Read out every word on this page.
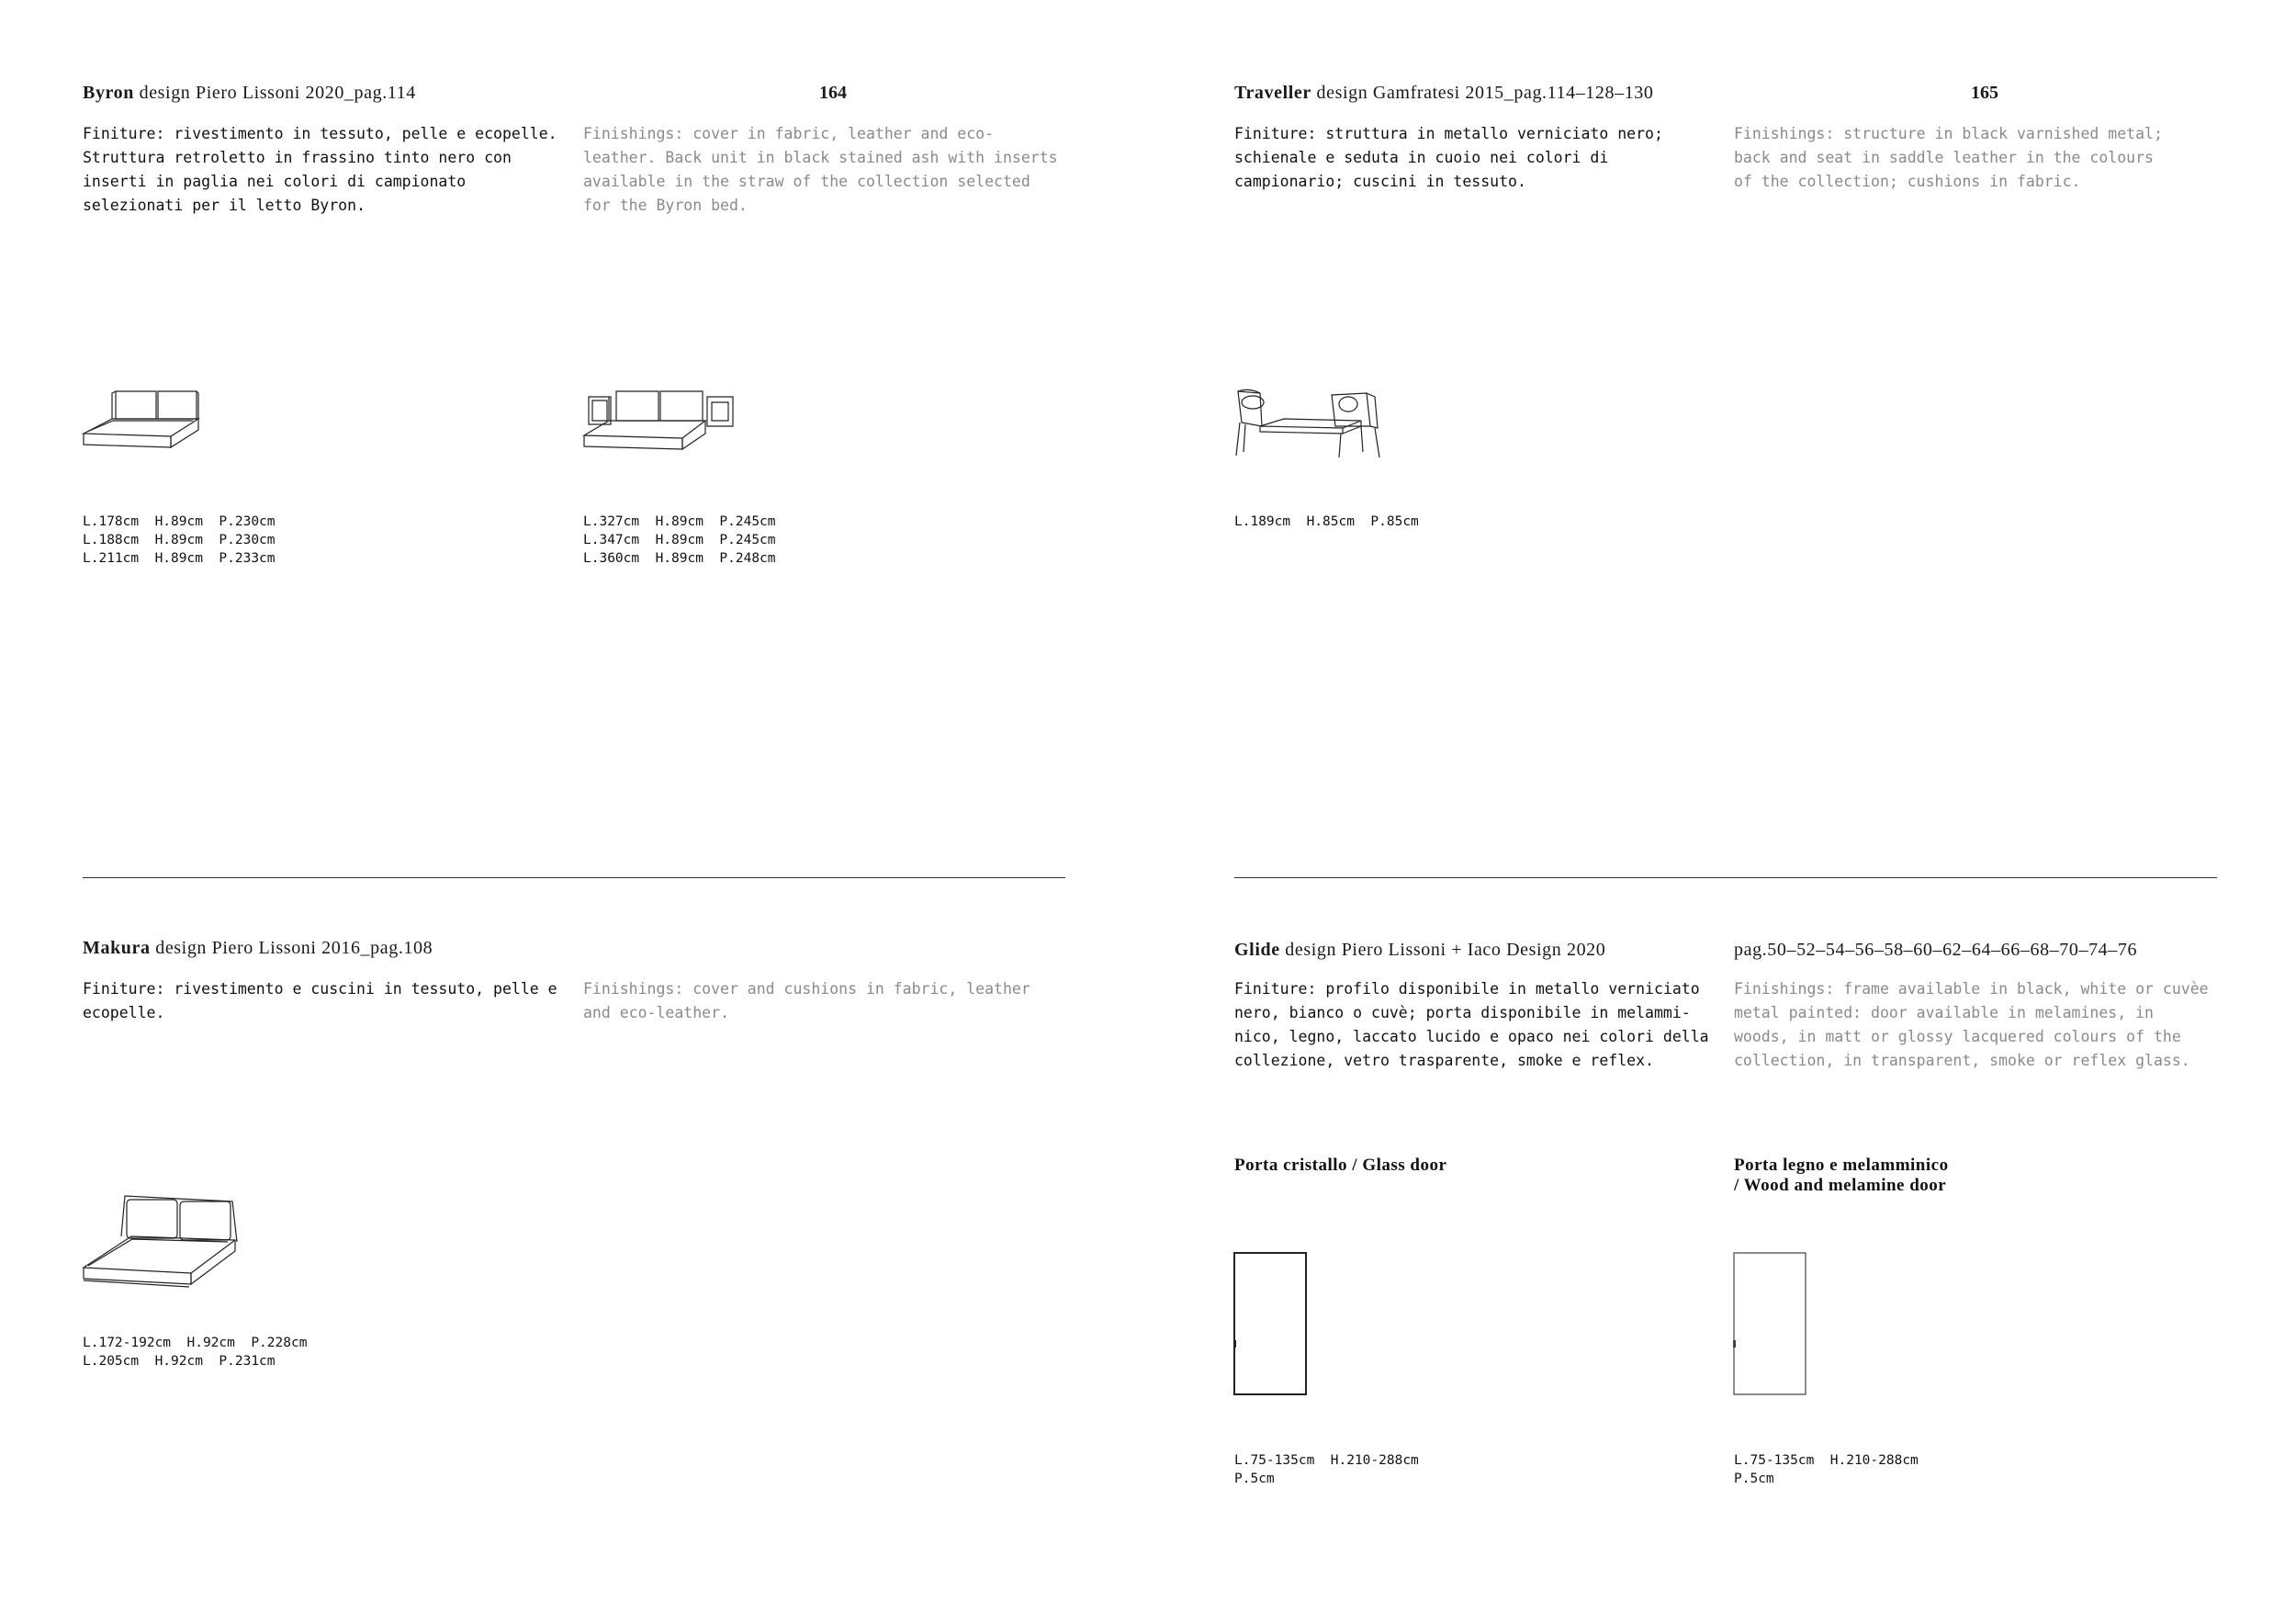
Byron design Piero Lissoni 2020_pag.114	164
Finiture: rivestimento in tessuto, pelle e ecopelle. Struttura retroletto in frassino tinto nero con inserti in paglia nei colori di campionato selezionati per il letto Byron.
Finishings: cover in fabric, leather and eco-leather. Back unit in black stained ash with inserts available in the straw of the collection selected for the Byron bed.
L.178cm  H.89cm  P.230cm
L.188cm  H.89cm  P.230cm
L.211cm  H.89cm  P.233cm
L.327cm  H.89cm  P.245cm
L.347cm  H.89cm  P.245cm
L.360cm  H.89cm  P.248cm
Makura design Piero Lissoni 2016_pag.108
Finiture: rivestimento e cuscini in tessuto, pelle e ecopelle.
Finishings: cover and cushions in fabric, leather and eco-leather.
L.172-192cm  H.92cm  P.228cm
L.205cm  H.92cm  P.231cm
Traveller design Gamfratesi 2015_pag.114–128–130	165
Finiture: struttura in metallo verniciato nero; schienale e seduta in cuoio nei colori di campionario; cuscini in tessuto.
Finishings: structure in black varnished metal; back and seat in saddle leather in the colours of the collection; cushions in fabric.
L.189cm  H.85cm  P.85cm
Glide design Piero Lissoni + Iaco Design 2020	pag.50–52–54–56–58–60–62–64–66–68–70–74–76
Finiture: profilo disponibile in metallo verniciato nero, bianco o cuvè; porta disponibile in melammi-nico, legno, laccato lucido e opaco nei colori della collezione, vetro trasparente, smoke e reflex.
Finishings: frame available in black, white or cuvèe metal painted: door available in melamines, in woods, in matt or glossy lacquered colours of the collection, in transparent, smoke or reflex glass.
Porta cristallo / Glass door	Porta legno e melamminico
/ Wood and melamine door
L.75-135cm  H.210-288cm
P.5cm
L.75-135cm  H.210-288cm
P.5cm
